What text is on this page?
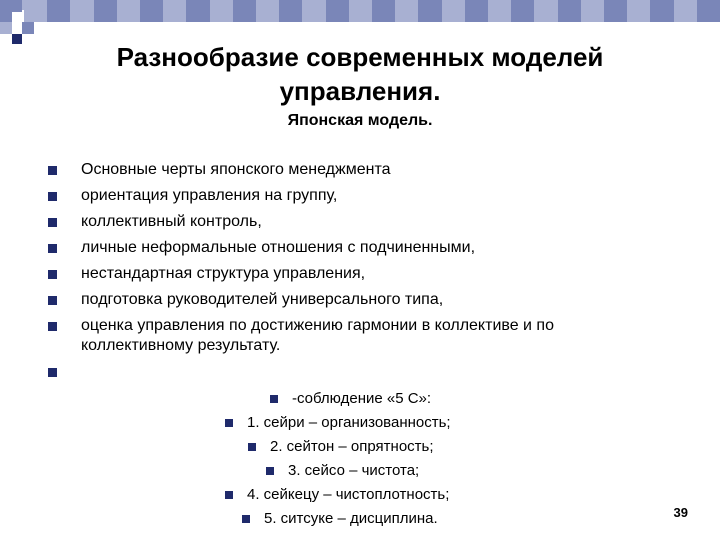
Разнообразие современных моделей управления.
Японская модель.
Основные черты японского менеджмента
ориентация управления на группу,
коллективный контроль,
личные неформальные отношения с подчиненными,
нестандартная структура управления,
подготовка руководителей универсального типа,
оценка управления по достижению гармонии в коллективе и по коллективному результату.
-соблюдение «5 С»:
1. сейри – организованность;
2. сейтон – опрятность;
3. сейсо – чистота;
4. сейкецу – чистоплотность;
5. ситсуке – дисциплина.	39
